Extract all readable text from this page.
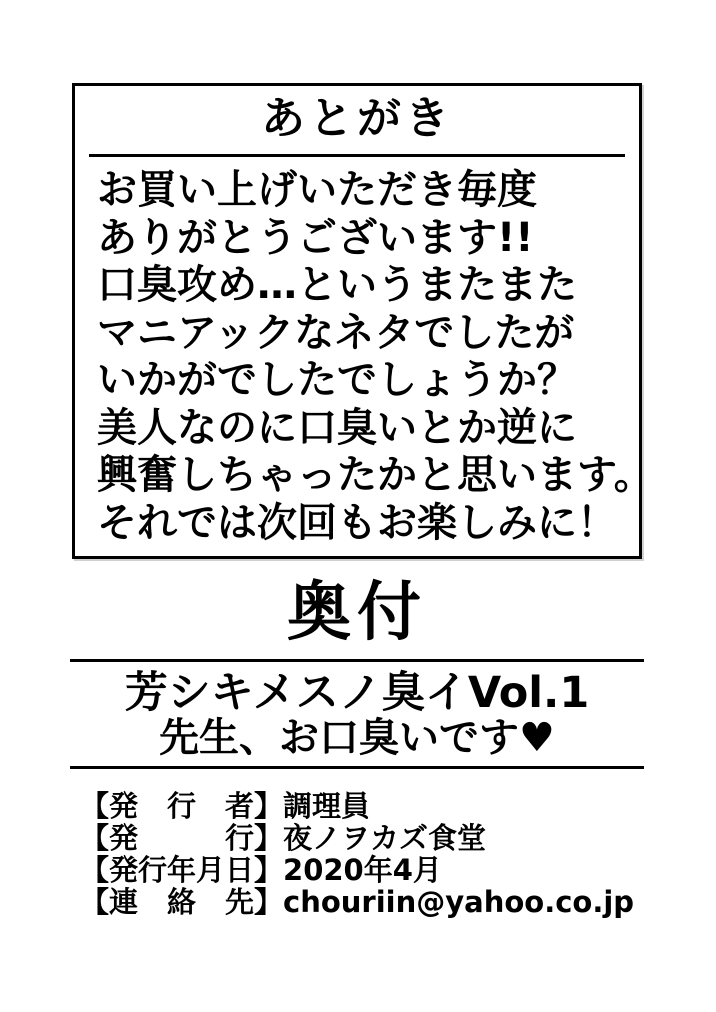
あとがき

お買い上げいただき毎度

ありがとうございます!!

口臭攻め…というまたまた

マニアックなネタでしたが

いかがでしたでしょうか？

美人なのに口臭いとか逆に

興奮しちゃったかと思います。

それでは次回もお楽しみに！

奥付
芳シキメスノ臭イVol.1
先生、お口臭いです♥

【発　行　者】調理員

【発　　　行】夜ノヲカズ食堂

【発行年月日】2020年4月

【連　絡　先】chouriin@yahoo.co.jp
